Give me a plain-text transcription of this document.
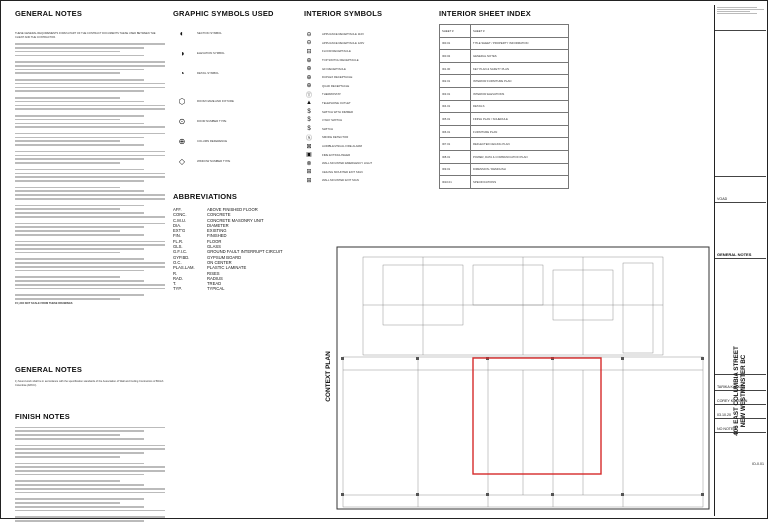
GENERAL NOTES
THESE GENERAL REQUIREMENTS FORM A PART OF THE CONTRACT DOCUMENTS THESE USED BETWEEN THE CLIENT AND THE CONTRACTOR.
15.) DO NOT SCALE FROM THESE DRAWINGS
GENERAL NOTES
1) Sound work shall be in accordance with the specification standards of the Association of Wall and Ceiling Contractors of British Columbia (AWCC).
FINISH NOTES
GRAPHIC SYMBOLS USED
◐	SECTION SYMBOL
◑	ELEVATION SYMBOL
◔	DETAIL SYMBOL
⬡	ROOM NAME AND FIXTURE
⊙	DOOR NUMBER TYPE
⊕	COLUMN REFERENCE
◇	WINDOW NUMBER TYPE
ABBREVIATIONS
AFF.	ABOVE FINISHED FLOOR
CONC.	CONCRETE
C.M.U.	CONCRETE MASONRY UNIT
DIA.	DIAMETER
EXT'G	EXISTING
FIN.	FINISHED
FL.R.	FLOOR
GLS.	GLASS
G.F.I.C.	GROUND FAULT INTERRUPT CIRCUIT
GYP.BD.	GYPSUM BOARD
O.C.	ON CENTER
PLAS.LAM.	PLASTIC LAMINATE
R.	RISES
RAD.	RADIUS
T.	TREAD
TYP.	TYPICAL
INTERIOR SYMBOLS
⊖	APPLIANCE RECEPTACLE 110V
⊖	APPLIANCE RECEPTACLE 120V
⊟	FLOOR RECEPTACLE
⊕	TOP SWITCH RECEPTACLE
⊕	GFI RECEPTACLE
⊕	DUPLEX RECEPTACLE
⊕	QUAD RECEPTACLE
Ⓣ	THERMOSTAT
▲	TELEPHONE OUTLET
$	SWITCH WITH DIMMER
$	3 WAY SWITCH
$	SWITCH
Ⓢ	SMOKE DETECTOR
⊠	AUDIBLE/VISUAL FIRE ALARM
▣	FIRE EXTINGUISHER
⊗	WALL MOUNTED EMERGENCY LIGHT
⊞	CEILING MOUNTED EXIT SIGN
⊞	WALL MOUNTED EXIT SIGN
INTERIOR SHEET INDEX
SHEET #	SHEET #
ID0.01	TITLE SHEET / PROPERTY INFORMATION
ID0.02	GENERAL NOTES
ID1.00	KEY PLAN & SAFETY PLAN
ID2.01	INTERIOR FURNITURE PLAN
ID3.01	INTERIOR ELEVATIONS
ID4.01	DETAILS
ID5.01	FINISH PLAN / SCHEDULE
ID6.01	FURNITURE PLAN
ID7.01	REFLECTED CEILING PLAN
ID8.01	POWER, DATA & COMMUNICATION PLAN
ID9.01	DIMENSION / DEMOLISH
ID10.01	SPECIFICATIONS
CONTEXT PLAN
VOAD
GENERAL NOTES
TARIKA KAKKAR
COREY KLASSEN
03.10.20
NO NOTED
ID-0.01
406 EAST COLUMBIA STREET
NEW WESTMINSTER BC
